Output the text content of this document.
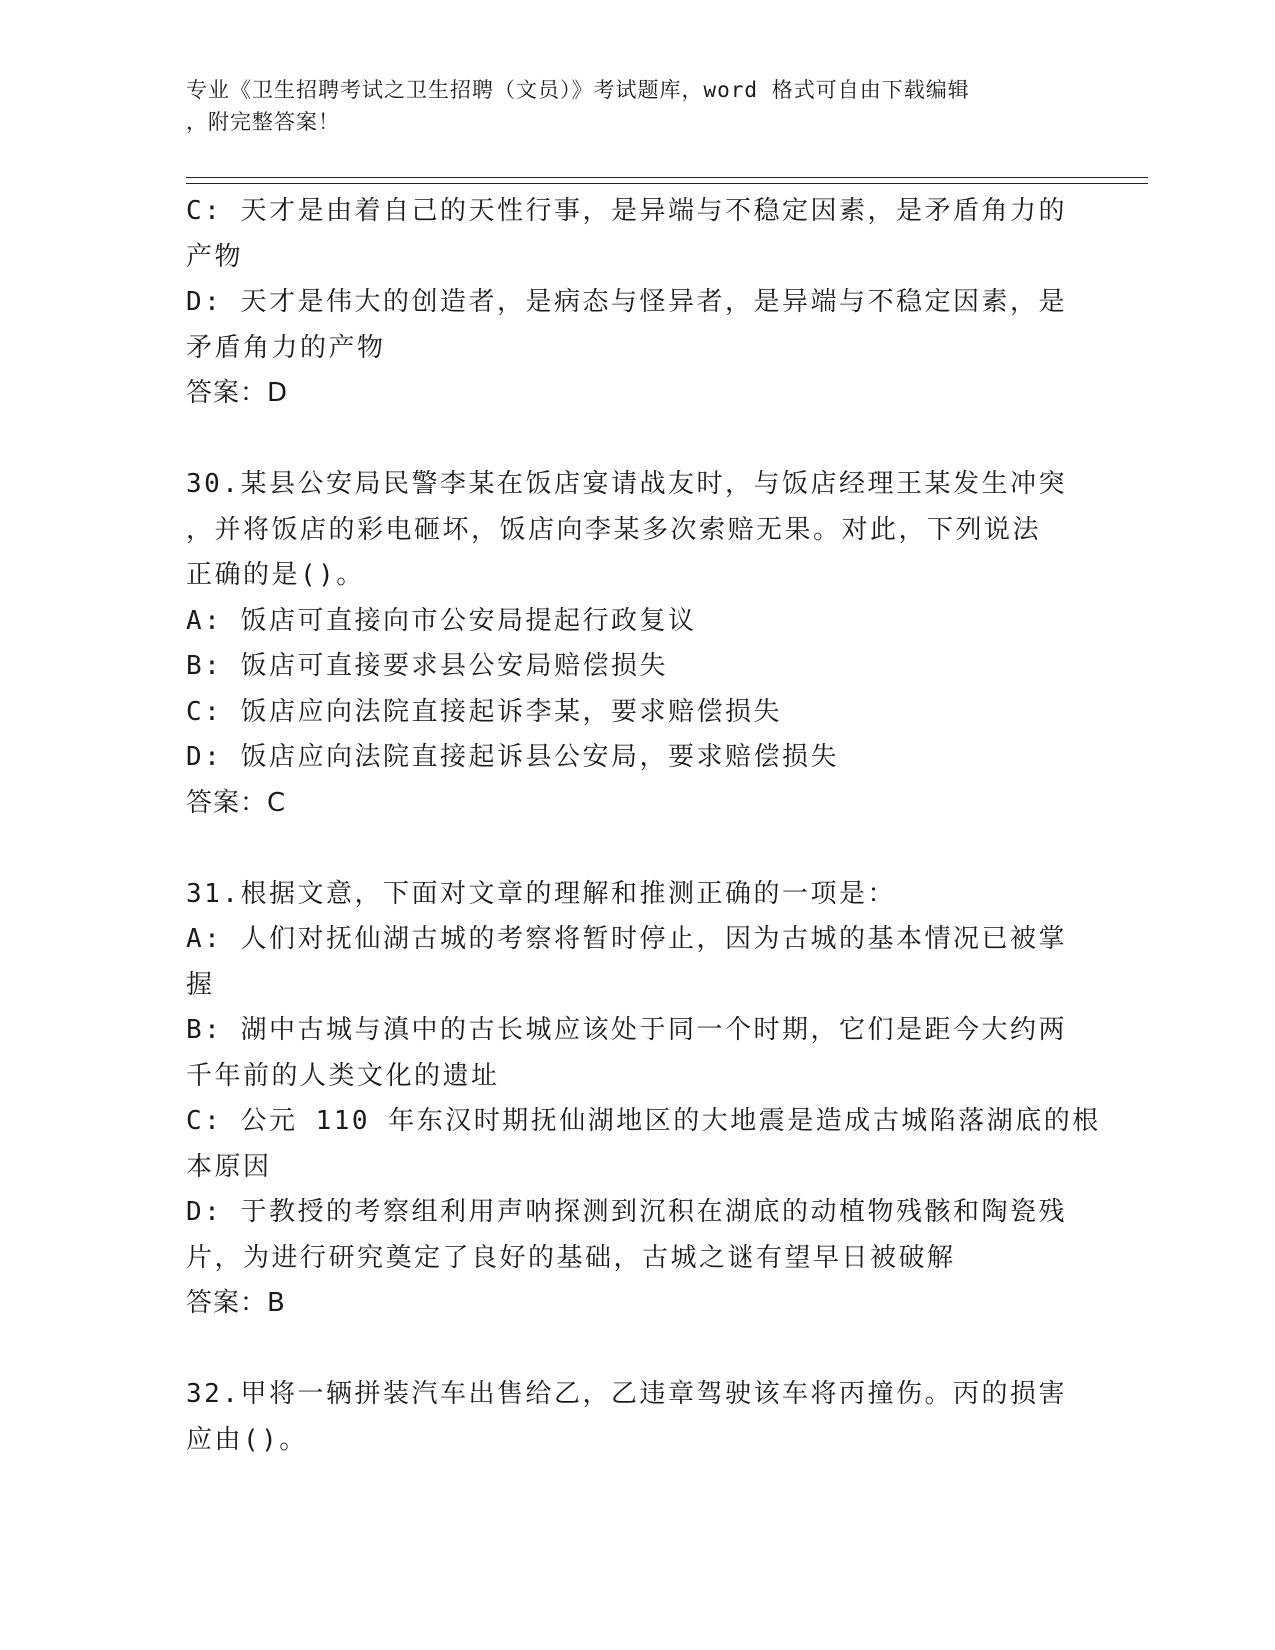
专业《卫生招聘考试之卫生招聘（文员）》考试题库，word 格式可自由下载编辑
，附完整答案！
C: 天才是由着自己的天性行事，是异端与不稳定因素，是矛盾角力的
产物
D: 天才是伟大的创造者，是病态与怪异者，是异端与不稳定因素，是
矛盾角力的产物
答案：D
30.某县公安局民警李某在饭店宴请战友时，与饭店经理王某发生冲突
，并将饭店的彩电砸坏，饭店向李某多次索赔无果。对此，下列说法
正确的是()。
A: 饭店可直接向市公安局提起行政复议
B: 饭店可直接要求县公安局赔偿损失
C: 饭店应向法院直接起诉李某，要求赔偿损失
D: 饭店应向法院直接起诉县公安局，要求赔偿损失
答案：C
31.根据文意，下面对文章的理解和推测正确的一项是：
A: 人们对抚仙湖古城的考察将暂时停止，因为古城的基本情况已被掌
握
B: 湖中古城与滇中的古长城应该处于同一个时期，它们是距今大约两
千年前的人类文化的遗址
C: 公元 110 年东汉时期抚仙湖地区的大地震是造成古城陷落湖底的根
本原因
D: 于教授的考察组利用声呐探测到沉积在湖底的动植物残骸和陶瓷残
片，为进行研究奠定了良好的基础，古城之谜有望早日被破解
答案：B
32.甲将一辆拼装汽车出售给乙，乙违章驾驶该车将丙撞伤。丙的损害
应由()。
